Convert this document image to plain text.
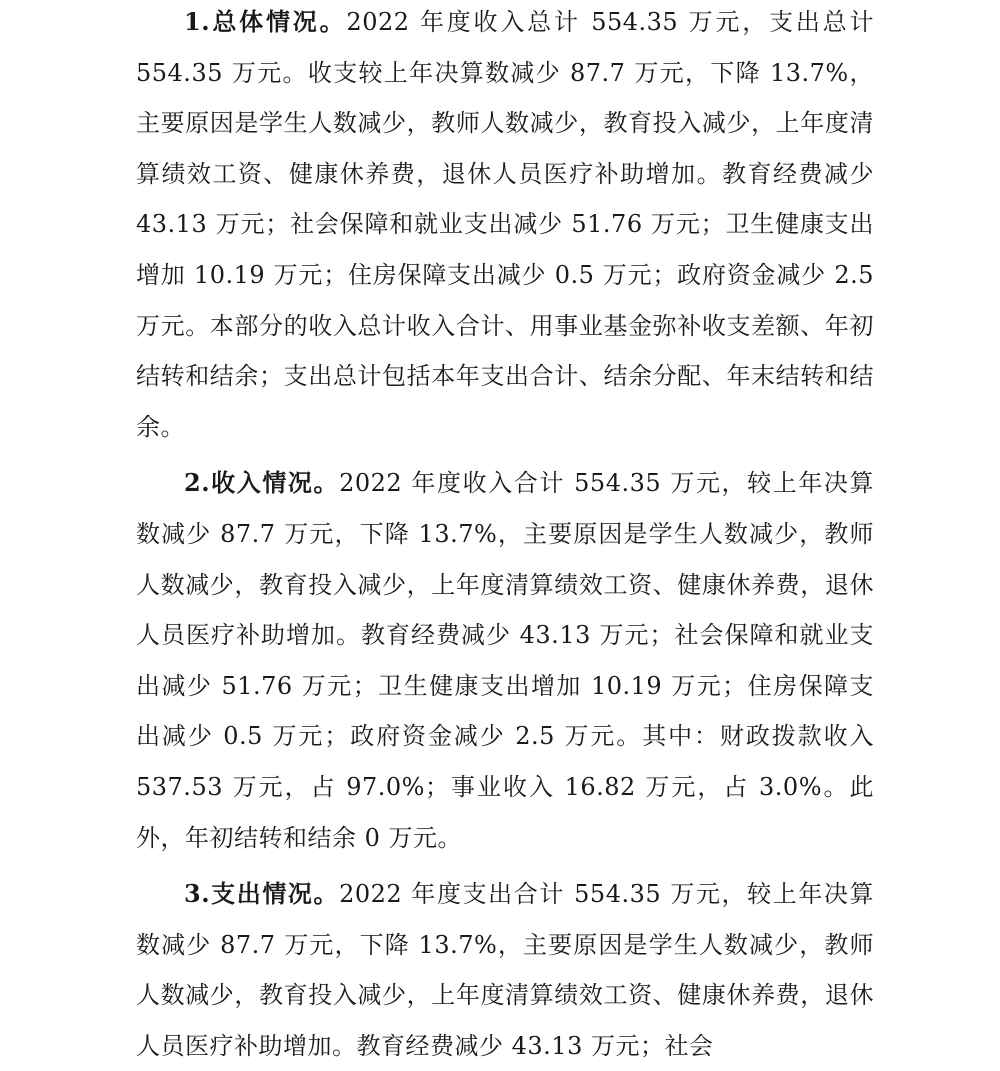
1.总体情况。2022 年度收入总计 554.35 万元，支出总计 554.35 万元。收支较上年决算数减少 87.7 万元，下降 13.7%，主要原因是学生人数减少，教师人数减少，教育投入减少，上年度清算绩效工资、健康休养费，退休人员医疗补助增加。教育经费减少 43.13 万元；社会保障和就业支出减少 51.76 万元；卫生健康支出增加 10.19 万元；住房保障支出减少 0.5 万元；政府资金减少 2.5 万元。本部分的收入总计收入合计、用事业基金弥补收支差额、年初结转和结余；支出总计包括本年支出合计、结余分配、年末结转和结余。

2.收入情况。2022 年度收入合计 554.35 万元，较上年决算数减少 87.7 万元，下降 13.7%，主要原因是学生人数减少，教师人数减少，教育投入减少，上年度清算绩效工资、健康休养费，退休人员医疗补助增加。教育经费减少 43.13 万元；社会保障和就业支出减少 51.76 万元；卫生健康支出增加 10.19 万元；住房保障支出减少 0.5 万元；政府资金减少 2.5 万元。其中：财政拨款收入 537.53 万元，占 97.0%；事业收入 16.82 万元，占 3.0%。此外，年初结转和结余 0 万元。

3.支出情况。2022 年度支出合计 554.35 万元，较上年决算数减少 87.7 万元，下降 13.7%，主要原因是学生人数减少，教师人数减少，教育投入减少，上年度清算绩效工资、健康休养费，退休人员医疗补助增加。教育经费减少 43.13 万元；社会
